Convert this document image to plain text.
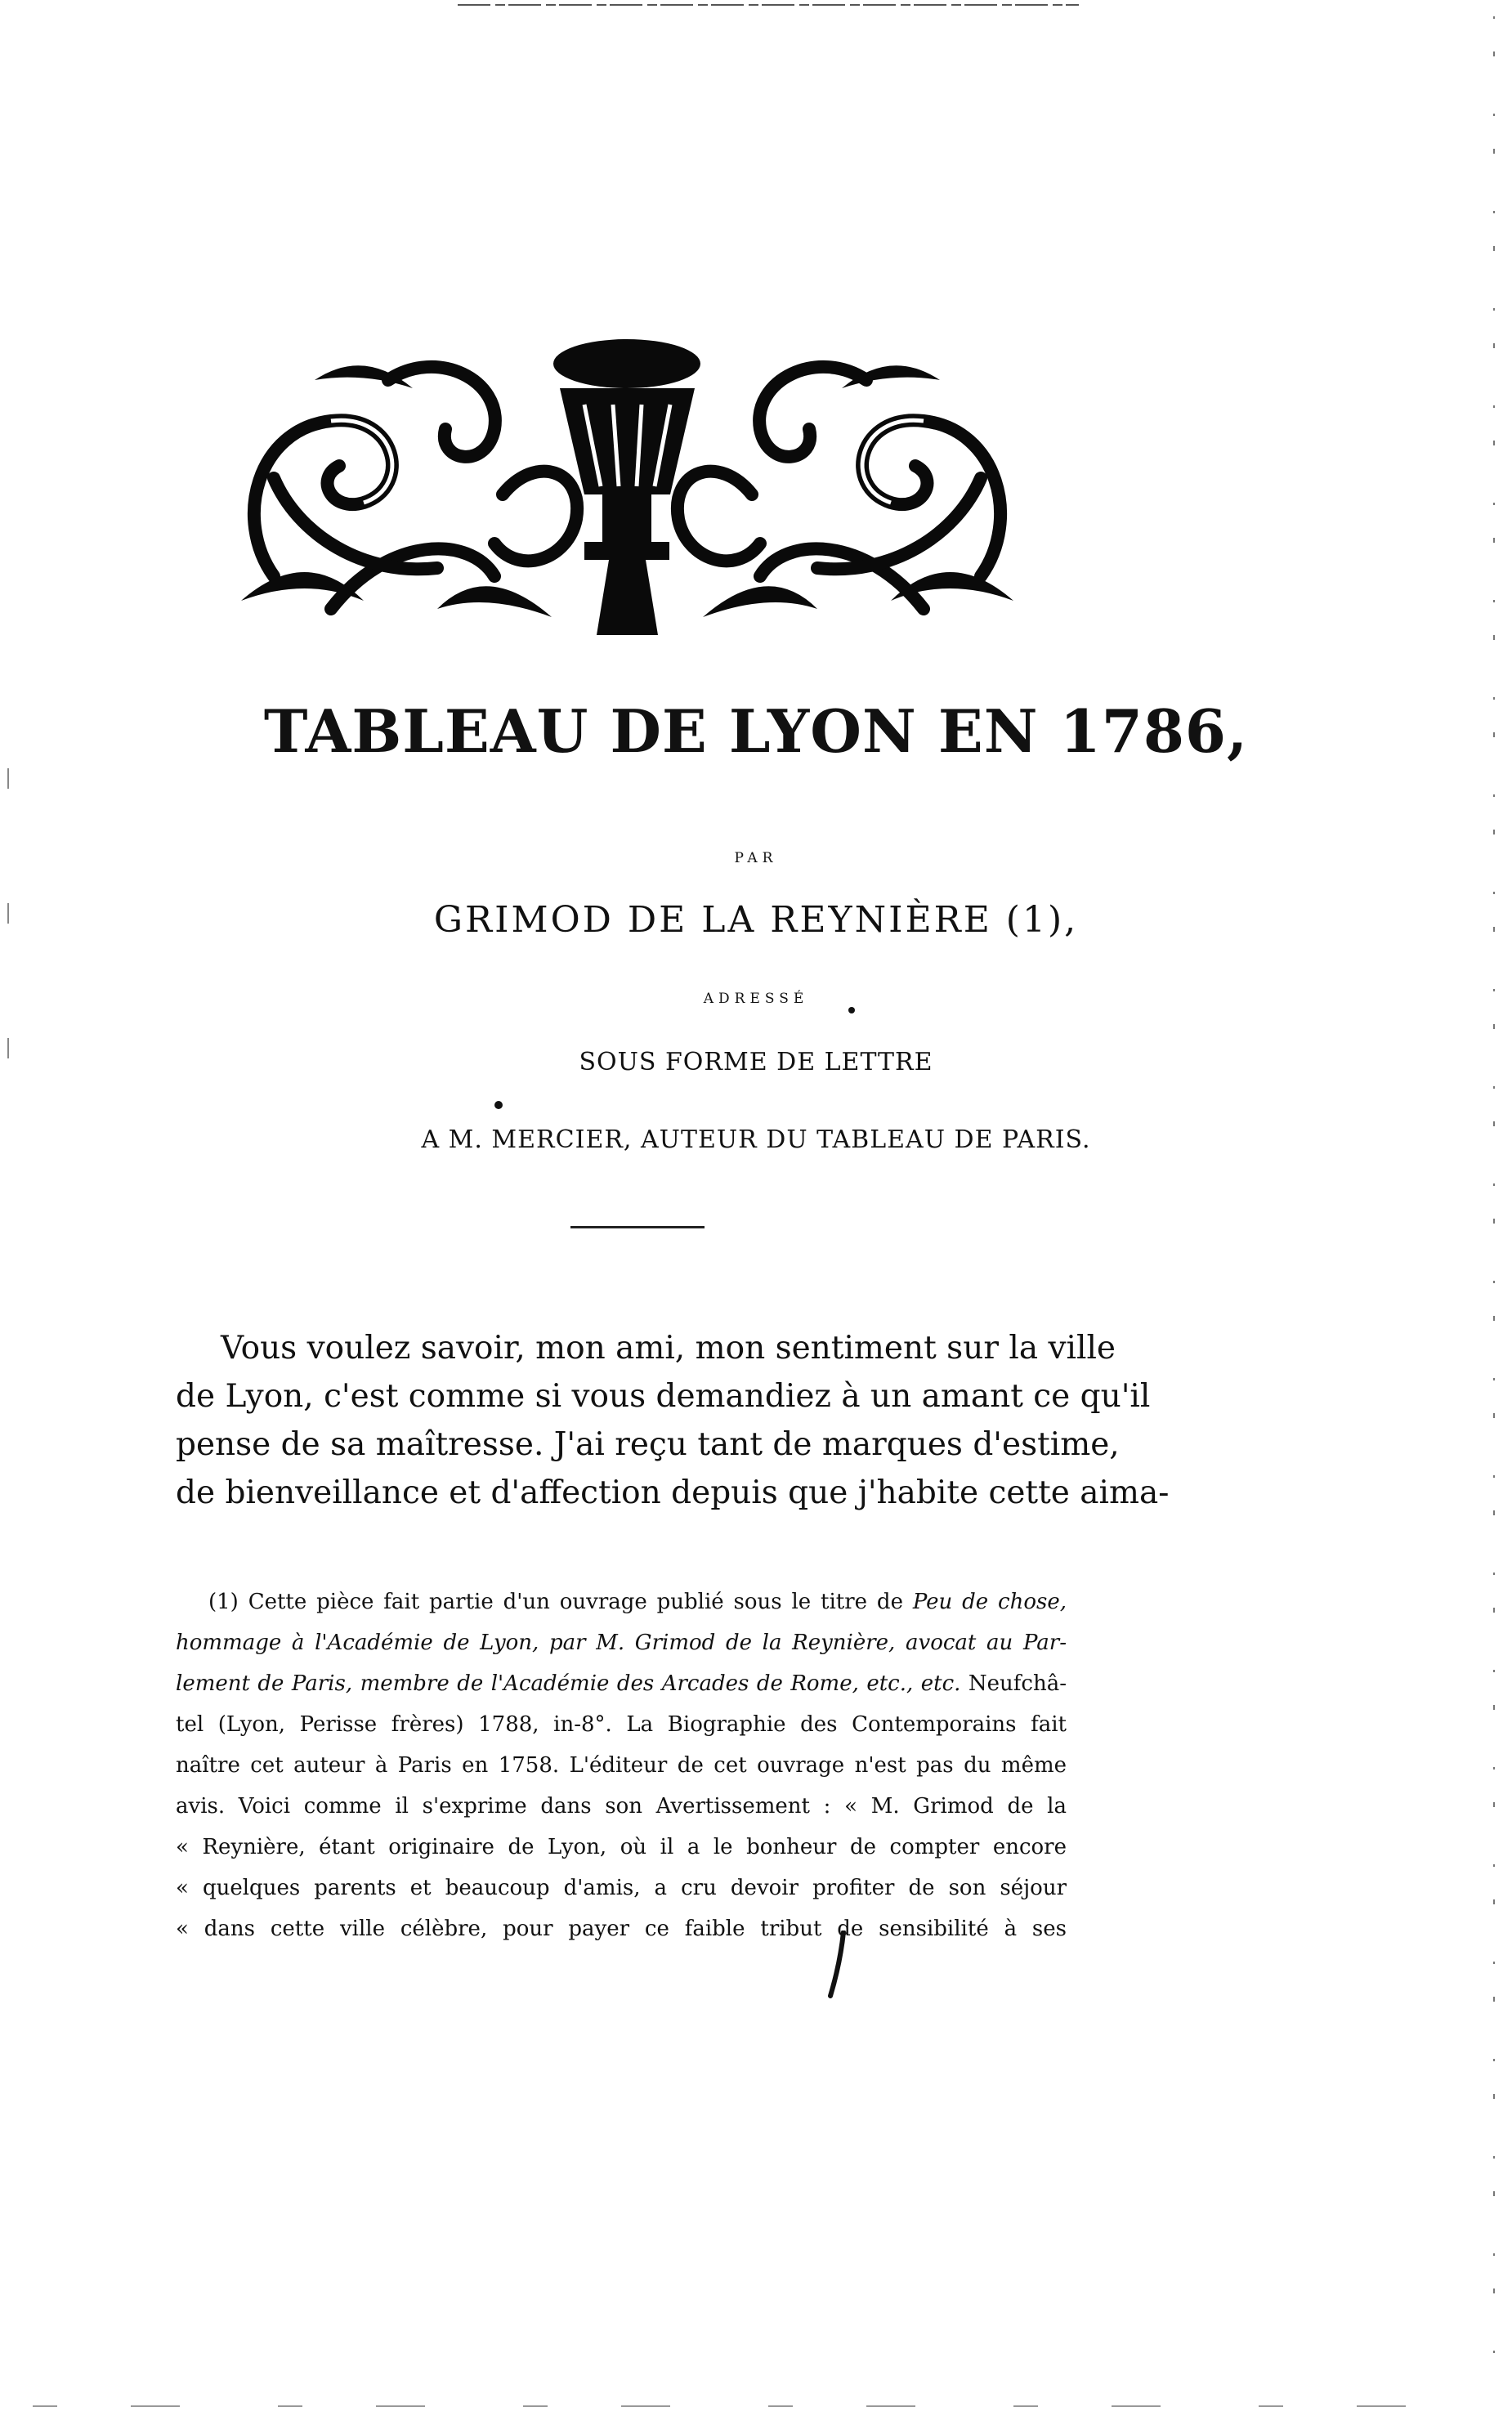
TABLEAU DE LYON EN 1786,

PAR

GRIMOD DE LA REYNIÈRE (1),

ADRESSÉ

SOUS FORME DE LETTRE

A M. MERCIER, AUTEUR DU TABLEAU DE PARIS.

Vous voulez savoir, mon ami, mon sentiment sur la ville
de Lyon, c'est comme si vous demandiez à un amant ce qu'il
pense de sa maîtresse. J'ai reçu tant de marques d'estime,
de bienveillance et d'affection depuis que j'habite cette aima-

(1) Cette pièce fait partie d'un ouvrage publié sous le titre de Peu de chose,
hommage à l'Académie de Lyon, par M. Grimod de la Reynière, avocat au Par-
lement de Paris, membre de l'Académie des Arcades de Rome, etc., etc. Neufchâ-
tel (Lyon, Perisse frères) 1788, in-8°. La Biographie des Contemporains fait
naître cet auteur à Paris en 1758. L'éditeur de cet ouvrage n'est pas du même
avis. Voici comme il s'exprime dans son Avertissement : « M. Grimod de la
« Reynière, étant originaire de Lyon, où il a le bonheur de compter encore
« quelques parents et beaucoup d'amis, a cru devoir profiter de son séjour
« dans cette ville célèbre, pour payer ce faible tribut de sensibilité à ses
